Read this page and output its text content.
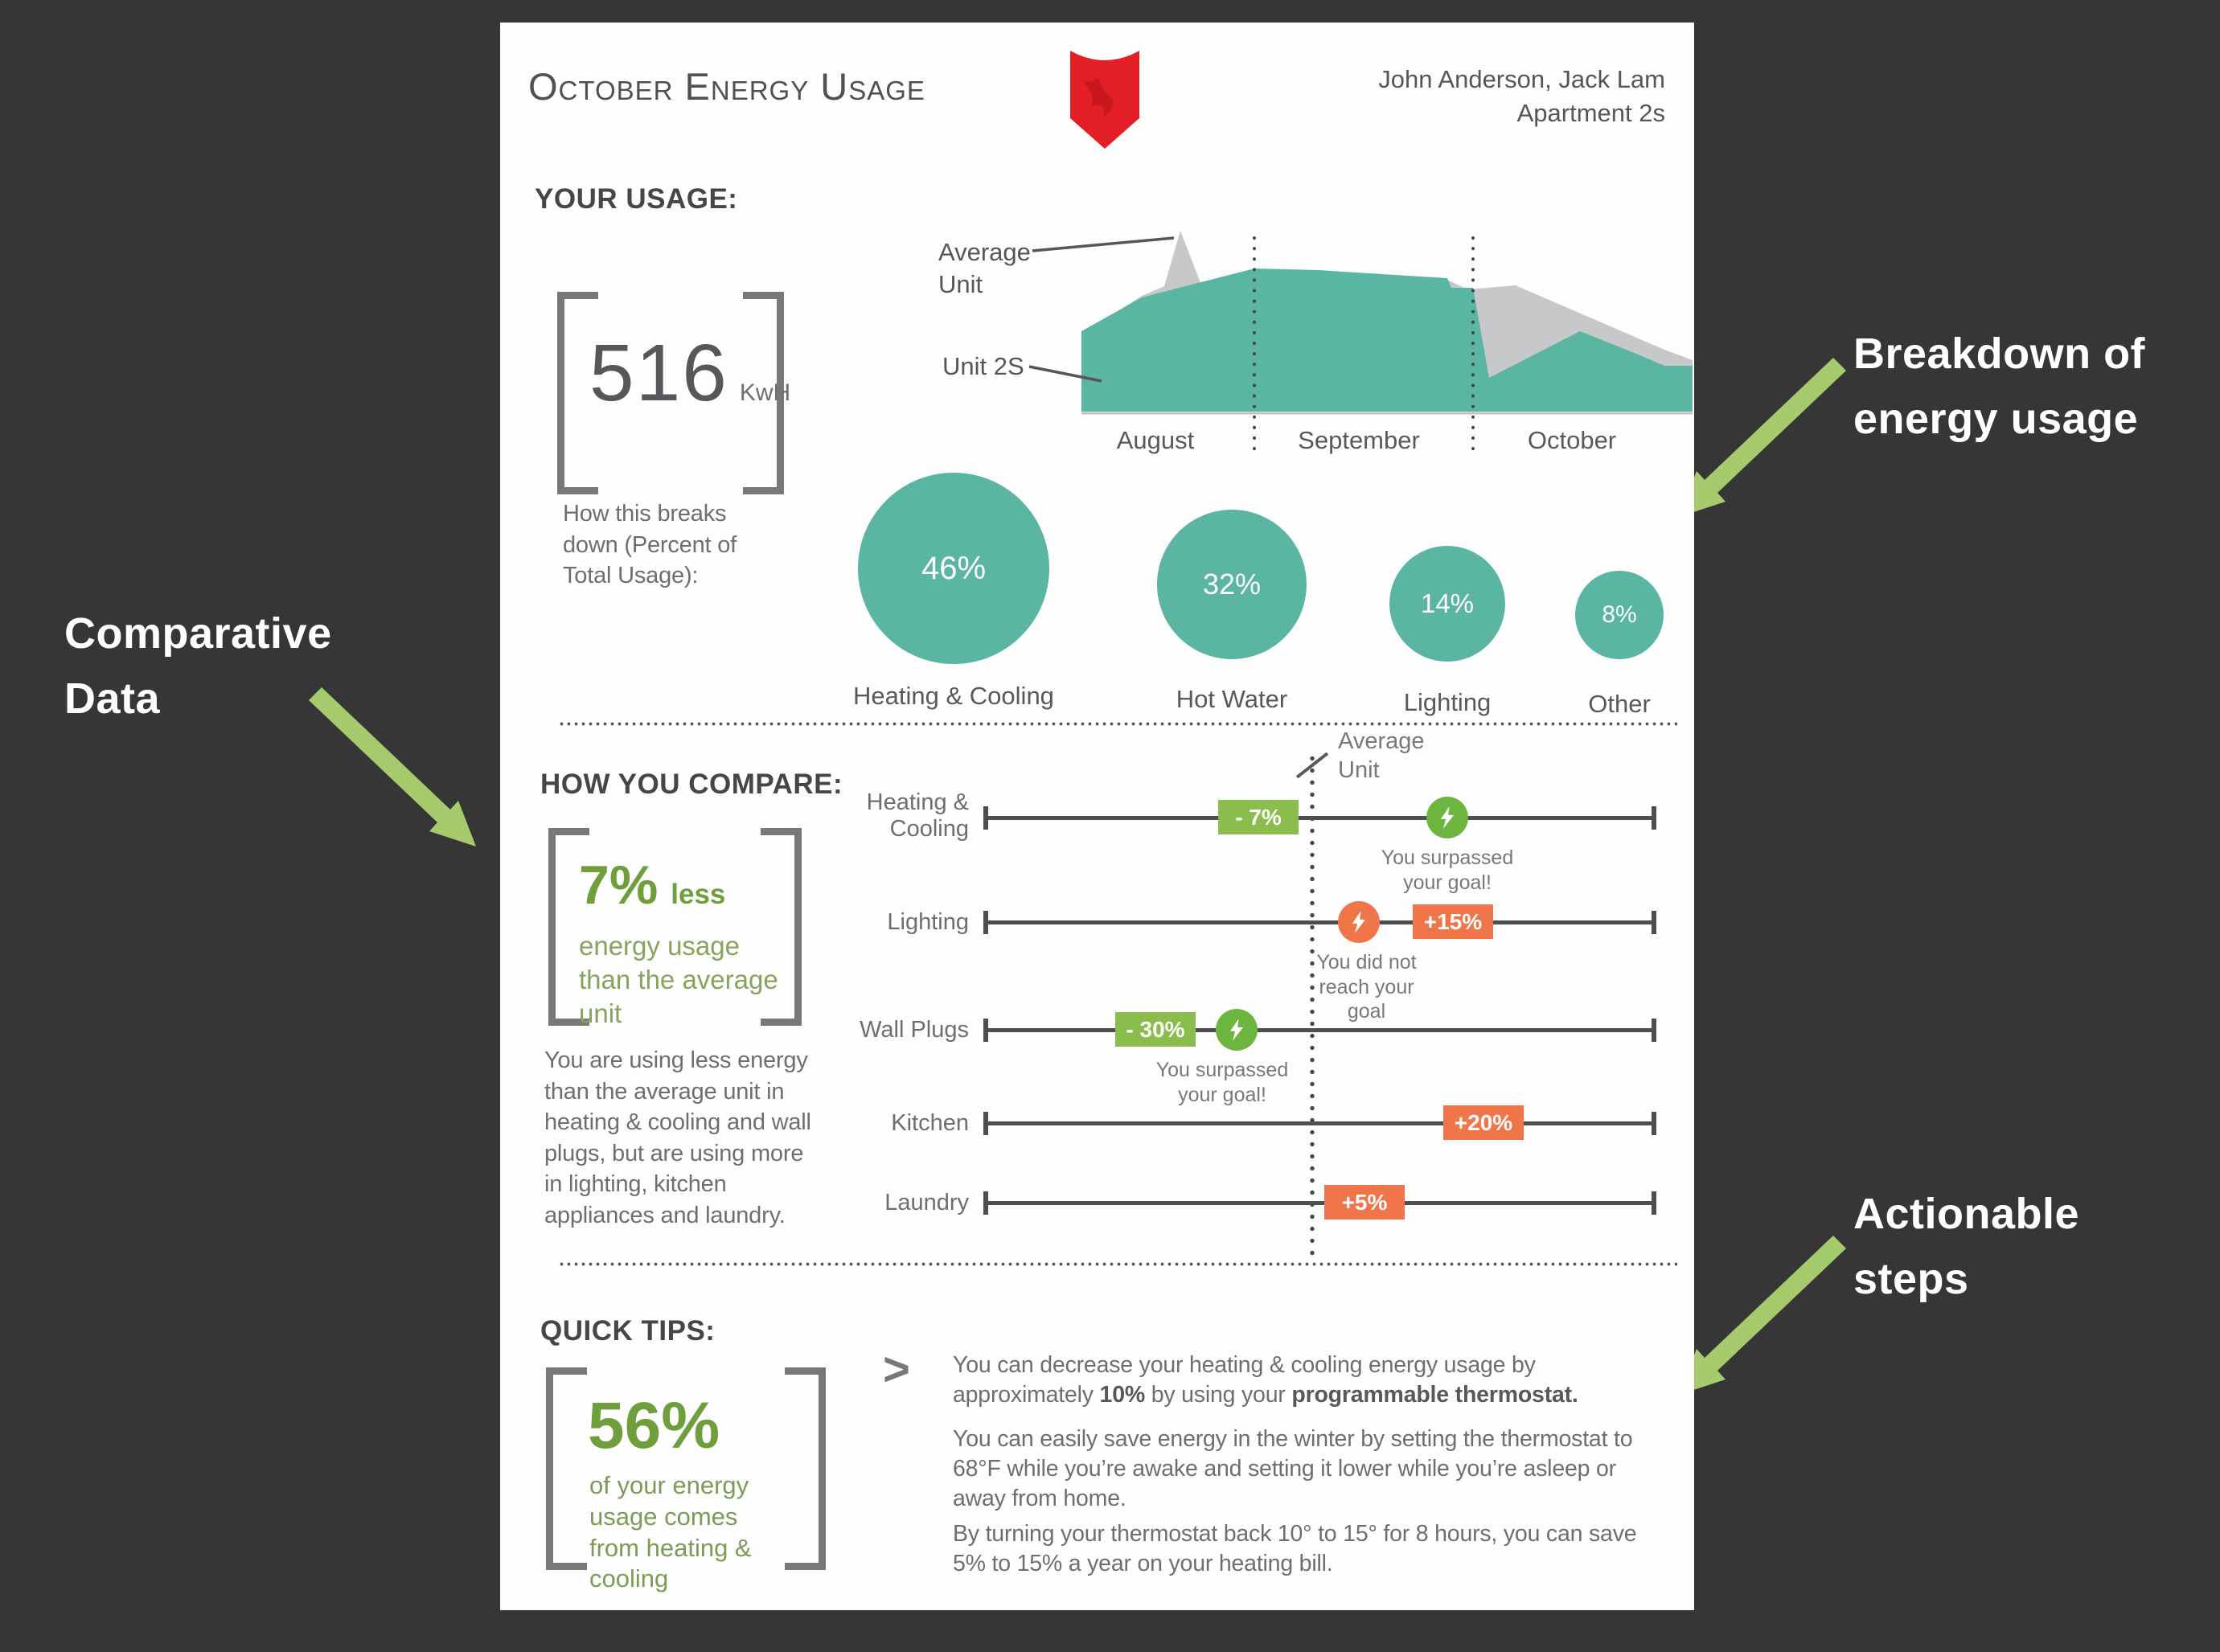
Breakdown of
energy usage
Comparative
Data
Actionable
steps
October Energy Usage	John Anderson, Jack Lam
Apartment 2s
YOUR USAGE:
516 KwH
Average
Unit
Unit 2S
August	September	October
How this breaks down (Percent of Total Usage):	46%	32%
14%	8%
Heating & Cooling	Hot Water	Lighting	Other
HOW YOU COMPARE:
7% less
energy usage than the average unit
You are using less energy than the average unit in heating & cooling and wall plugs, but are using more in lighting, kitchen appliances and laundry.
Average Unit
Heating & Cooling	- 7%
You surpassed your goal!
Lighting	+15%
You did not reach your goal
Wall Plugs	- 30%
You surpassed your goal!
Kitchen	+20%
Laundry	+5%
QUICK TIPS:
56%
of your energy usage comes from heating & cooling
> You can decrease your heating & cooling energy usage by approximately 10% by using your programmable thermostat.
You can easily save energy in the winter by setting the thermostat to 68°F while you’re awake and setting it lower while you’re asleep or away from home.
By turning your thermostat back 10° to 15° for 8 hours, you can save 5% to 15% a year on your heating bill.
